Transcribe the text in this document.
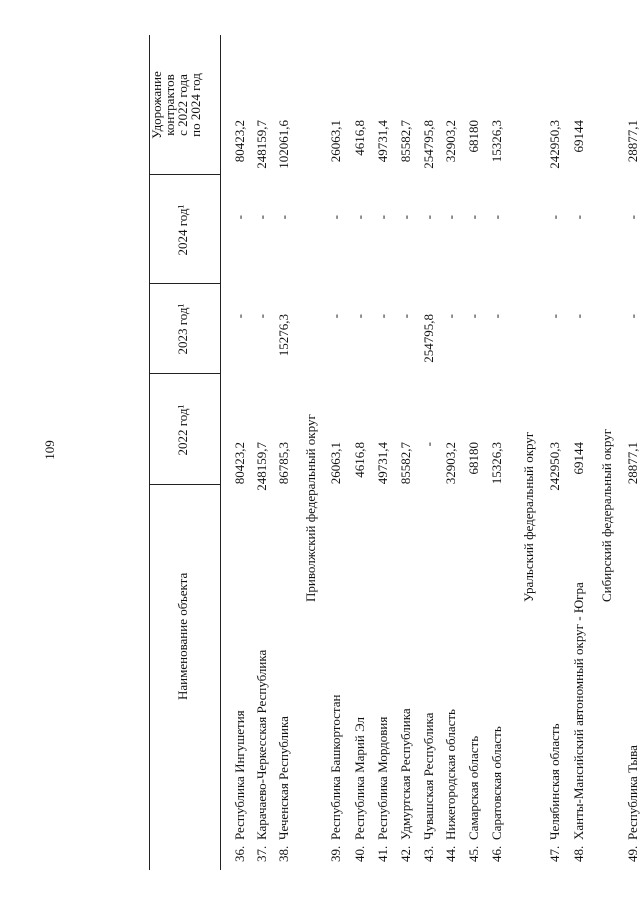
109
Наименование объекта
2022 год¹
2023 год¹
2024 год¹
Удорожание
контрактов
с 2022 года
по 2024 год
36.
Республика Ингушетия
80423,2
-
-
80423,2
37.
Карачаево-Черкесская Республика
248159,7
-
-
248159,7
38.
Чеченская Республика
86785,3
15276,3
-
102061,6
Приволжский федеральный округ
39.
Республика Башкортостан
26063,1
-
-
26063,1
40.
Республика Марий Эл
4616,8
-
-
4616,8
41.
Республика Мордовия
49731,4
-
-
49731,4
42.
Удмуртская Республика
85582,7
-
-
85582,7
43.
Чувашская Республика
-
254795,8
-
254795,8
44.
Нижегородская область
32903,2
-
-
32903,2
45.
Самарская область
68180
-
-
68180
46.
Саратовская область
15326,3
-
-
15326,3
Уральский федеральный округ
47.
Челябинская область
242950,3
-
-
242950,3
48.
Ханты-Мансийский автономный округ - Югра
69144
-
-
69144
Сибирский федеральный округ
49.
Республика Тыва
28877,1
-
-
28877,1
